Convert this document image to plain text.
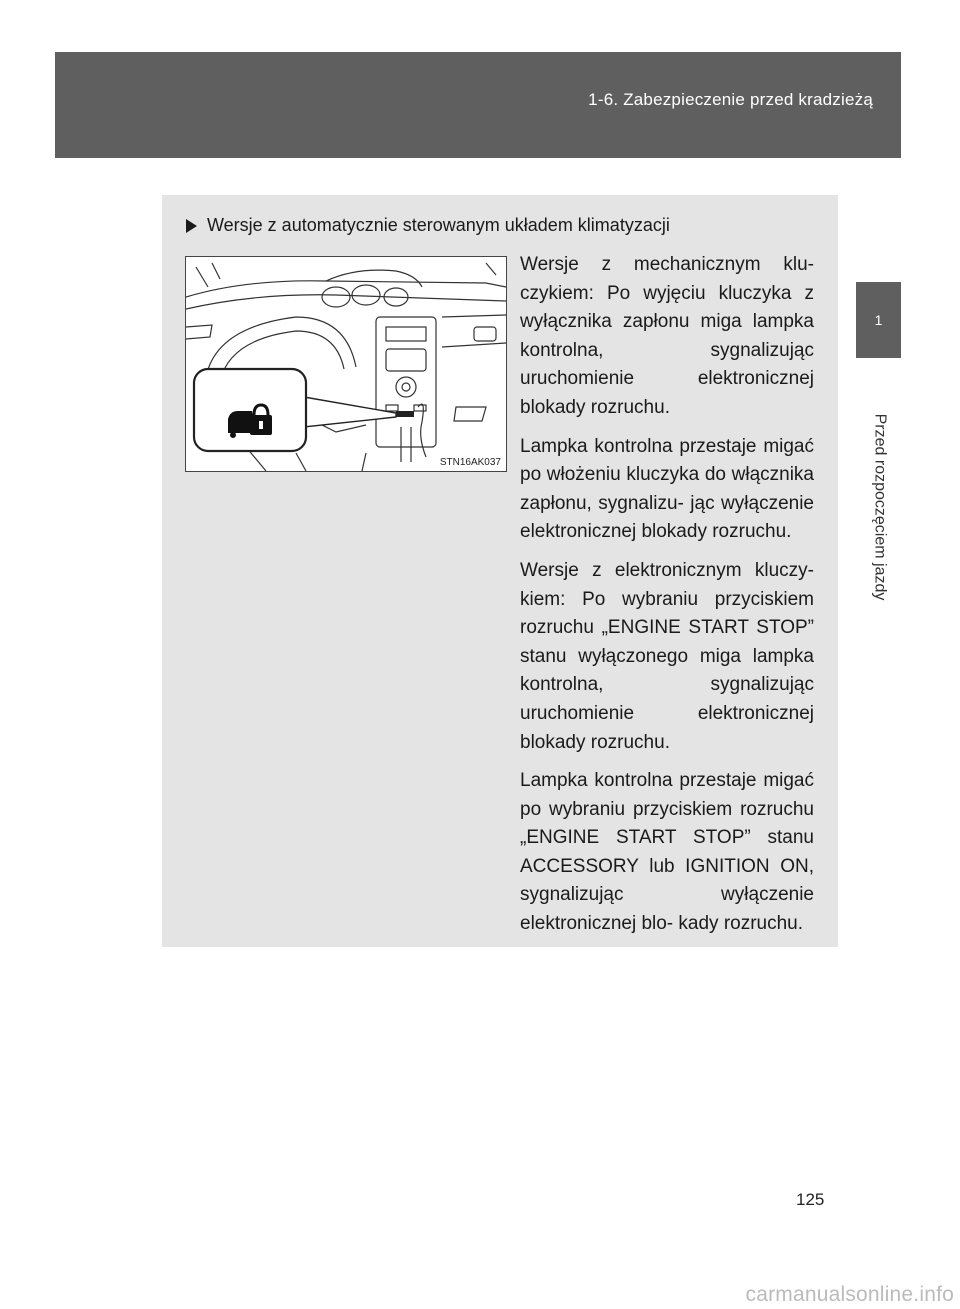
1-6. Zabezpieczenie przed kradzieżą
1
Przed rozpoczęciem jazdy
Wersje z automatycznie sterowanym układem klimatyzacji
STN16AK037

Wersje z mechanicznym klu- czykiem: Po wyjęciu kluczyka z wyłącznika zapłonu miga lampka kontrolna, sygnalizując uruchomienie elektronicznej blokady rozruchu.

Lampka kontrolna przestaje migać po włożeniu kluczyka do włącznika zapłonu, sygnalizu- jąc wyłączenie elektronicznej blokady rozruchu.

Wersje z elektronicznym kluczy- kiem: Po wybraniu przyciskiem rozruchu „ENGINE START STOP” stanu wyłączonego miga lampka kontrolna, sygnalizując uruchomienie elektronicznej blokady rozruchu.

Lampka kontrolna przestaje migać po wybraniu przyciskiem rozruchu „ENGINE START STOP” stanu ACCESSORY lub IGNITION ON, sygnalizując wyłączenie elektronicznej blo- kady rozruchu.

125
carmanualsonline.info
